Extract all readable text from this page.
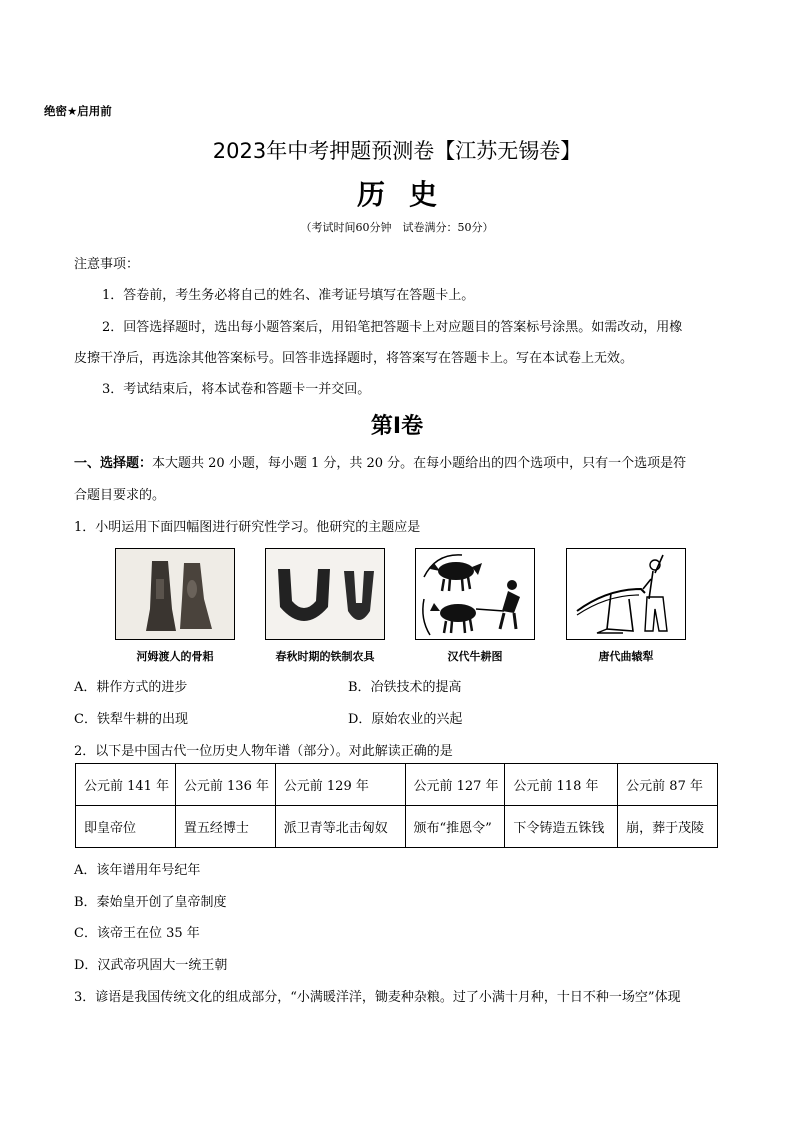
绝密★启用前
2023年中考押题预测卷【江苏无锡卷】
历史
（考试时间60分钟　试卷满分：50分）
注意事项：
1．答卷前，考生务必将自己的姓名、准考证号填写在答题卡上。
2．回答选择题时，选出每小题答案后，用铅笔把答题卡上对应题目的答案标号涂黑。如需改动，用橡
皮擦干净后，再选涂其他答案标号。回答非选择题时，将答案写在答题卡上。写在本试卷上无效。
3．考试结束后，将本试卷和答题卡一并交回。
第Ⅰ卷
一、选择题：本大题共 20 小题，每小题 1 分，共 20 分。在每小题给出的四个选项中，只有一个选项是符
合题目要求的。
1．小明运用下面四幅图进行研究性学习。他研究的主题应是
河姆渡人的骨耜	春秋时期的铁制农具	汉代牛耕图	唐代曲辕犁
A．耕作方式的进步	B．冶铁技术的提高
C．铁犁牛耕的出现	D．原始农业的兴起
2．以下是中国古代一位历史人物年谱（部分）。对此解读正确的是
公元前 141 年	公元前 136 年	公元前 129 年	公元前 127 年	公元前 118 年	公元前 87 年
即皇帝位	置五经博士	派卫青等北击匈奴	颁布“推恩令”	下令铸造五铢钱	崩，葬于茂陵
A．该年谱用年号纪年
B．秦始皇开创了皇帝制度
C．该帝王在位 35 年
D．汉武帝巩固大一统王朝
3．谚语是我国传统文化的组成部分，“小满暖洋洋，锄麦种杂粮。过了小满十月种，十日不种一场空”体现
